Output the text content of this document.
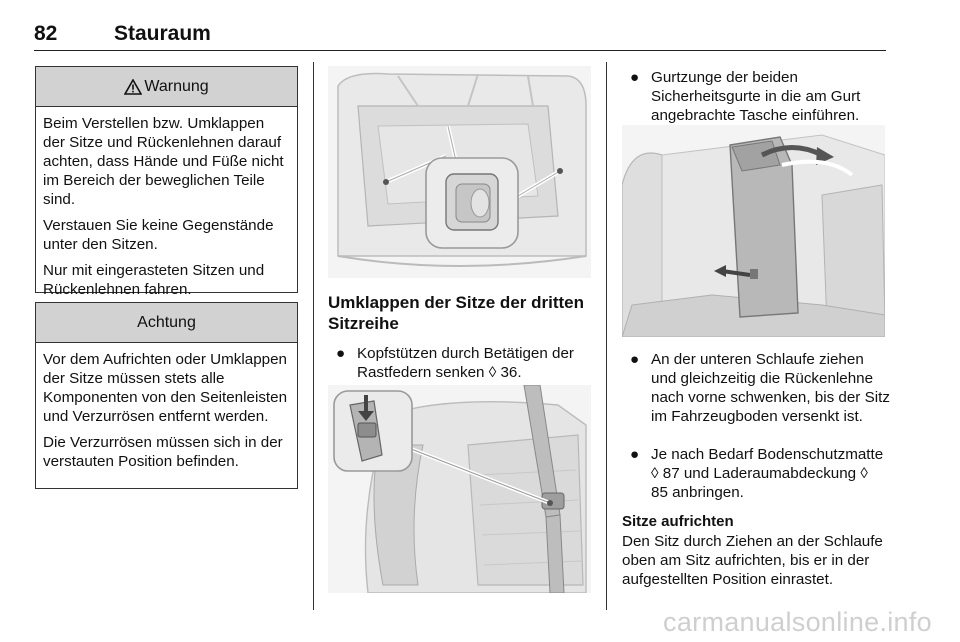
82	Stauraum
Warnung

Beim Verstellen bzw. Umklappen der Sitze und Rückenlehnen darauf achten, dass Hände und Füße nicht im Bereich der beweglichen Teile sind.

Verstauen Sie keine Gegenstände unter den Sitzen.

Nur mit eingerasteten Sitzen und Rückenlehnen fahren.

Achtung

Vor dem Aufrichten oder Umklappen der Sitze müssen stets alle Komponenten von den Seitenleisten und Verzurrösen entfernt werden.

Die Verzurrösen müssen sich in der verstauten Position befinden.

Umklappen der Sitze der dritten Sitzreihe
● Kopfstützen durch Betätigen der Rastfedern senken ◊ 36.
● Gurtzunge der beiden Sicherheitsgurte in die am Gurt angebrachte Tasche einführen.
● An der unteren Schlaufe ziehen und gleichzeitig die Rückenlehne nach vorne schwenken, bis der Sitz im Fahrzeugboden versenkt ist.
● Je nach Bedarf Bodenschutzmatte ◊ 87 und Laderaumabdeckung ◊ 85 anbringen.
Sitze aufrichten
Den Sitz durch Ziehen an der Schlaufe oben am Sitz aufrichten, bis er in der aufgestellten Position einrastet.
carmanualsonline.info
